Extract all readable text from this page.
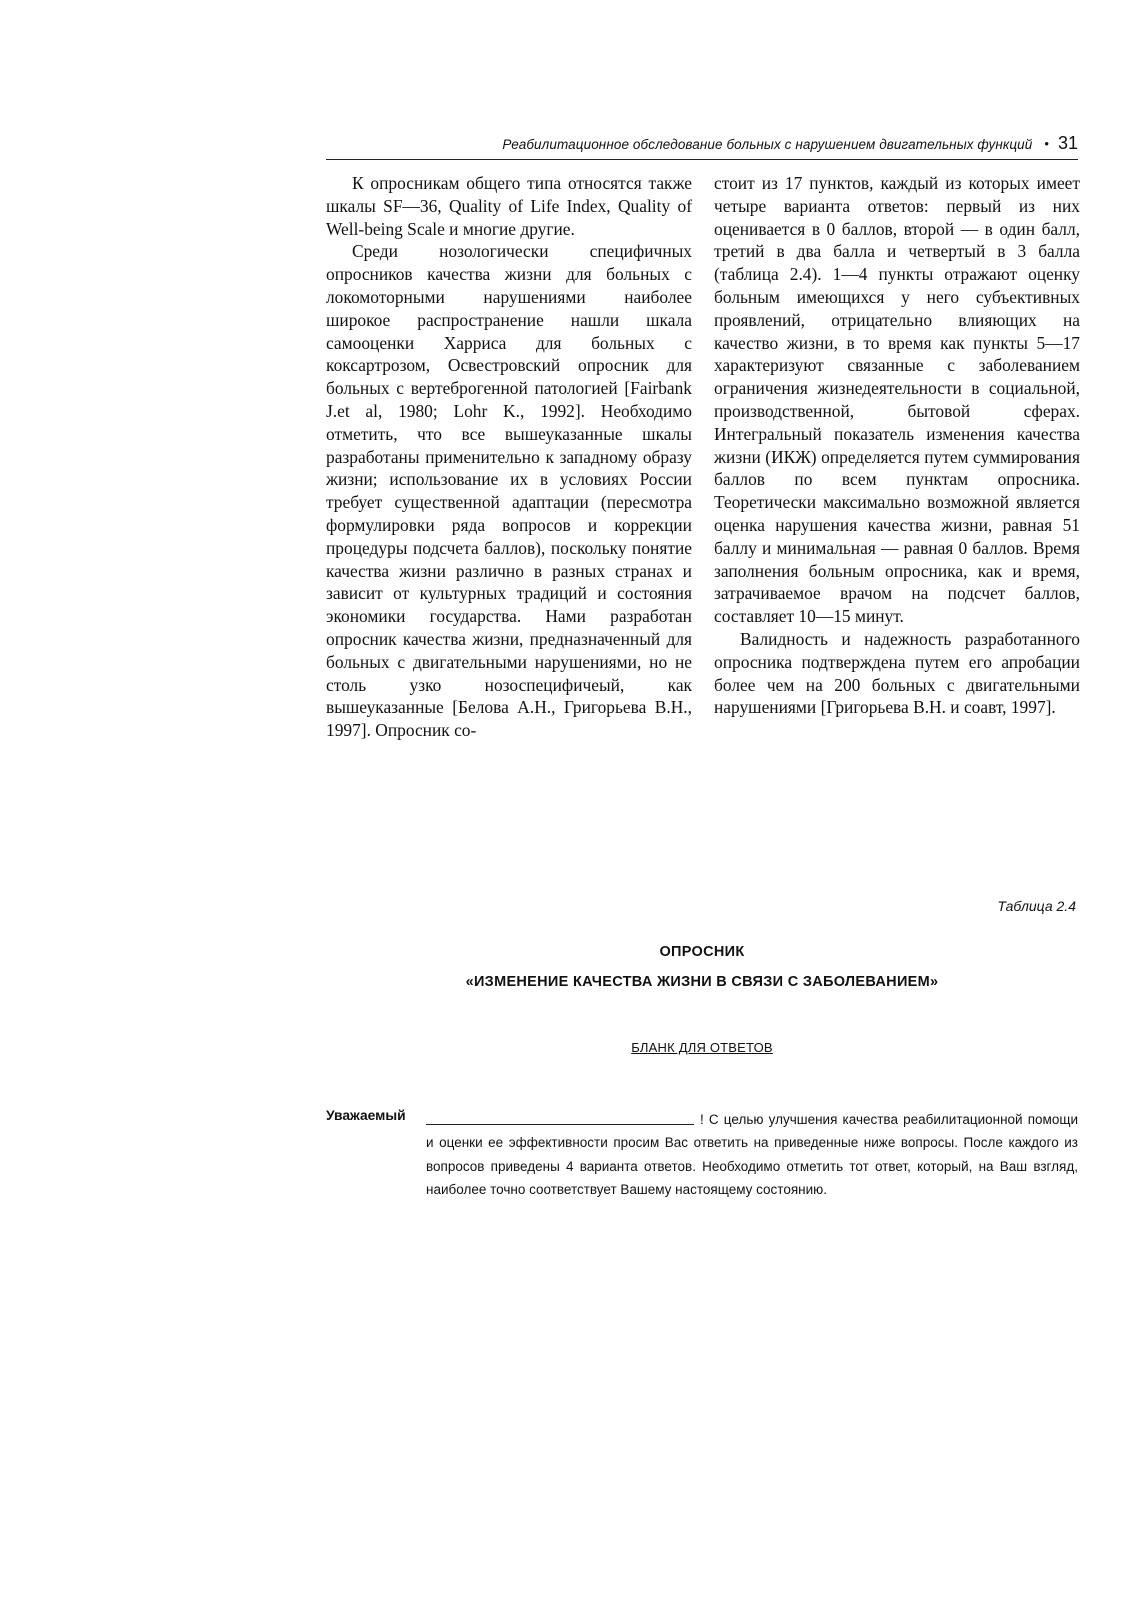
Реабилитационное обследование больных с нарушением двигательных функций • 31

К опросникам общего типа относятся также шкалы SF—36, Quality of Life Index, Quality of Well-being Scale и многие другие.

Среди нозологически специфичных опросников качества жизни для больных с локомоторными нарушениями наиболее широкое распространение нашли шкала самооценки Харриса для больных с коксартрозом, Освестровский опросник для больных с вертеброгенной патологией [Fairbank J.et al, 1980; Lohr K., 1992]. Необходимо отметить, что все вышеуказанные шкалы разработаны применительно к западному образу жизни; использование их в условиях России требует существенной адаптации (пересмотра формулировки ряда вопросов и коррекции процедуры подсчета баллов), поскольку понятие качества жизни различно в разных странах и зависит от культурных традиций и состояния экономики государства. Нами разработан опросник качества жизни, предназначенный для больных с двигательными нарушениями, но не столь узко нозоспецифичеый, как вышеуказанные [Белова А.Н., Григорьева В.Н., 1997]. Опросник со-

стоит из 17 пунктов, каждый из которых имеет четыре варианта ответов: первый из них оценивается в 0 баллов, второй — в один балл, третий в два балла и четвертый в 3 балла (таблица 2.4). 1—4 пункты отражают оценку больным имеющихся у него субъективных проявлений, отрицательно влияющих на качество жизни, в то время как пункты 5—17 характеризуют связанные с заболеванием ограничения жизнедеятельности в социальной, производственной, бытовой сферах. Интегральный показатель изменения качества жизни (ИКЖ) определяется путем суммирования баллов по всем пунктам опросника. Теоретически максимально возможной является оценка нарушения качества жизни, равная 51 баллу и минимальная — равная 0 баллов. Время заполнения больным опросника, как и время, затрачиваемое врачом на подсчет баллов, составляет 10—15 минут.

Валидность и надежность разработанного опросника подтверждена путем его апробации более чем на 200 больных с двигательными нарушениями [Григорьева В.Н. и соавт, 1997].

Таблица 2.4
ОПРОСНИК
«ИЗМЕНЕНИЕ КАЧЕСТВА ЖИЗНИ В СВЯЗИ С ЗАБОЛЕВАНИЕМ»
БЛАНК ДЛЯ ОТВЕТОВ
Уважаемый	! С целью улучшения качества реабилитационной помощи и оценки ее эффективности просим Вас ответить на приведенные ниже вопросы. После каждого из вопросов приведены 4 варианта ответов. Необходимо отметить тот ответ, который, на Ваш взгляд, наиболее точно соответствует Вашему настоящему состоянию.
